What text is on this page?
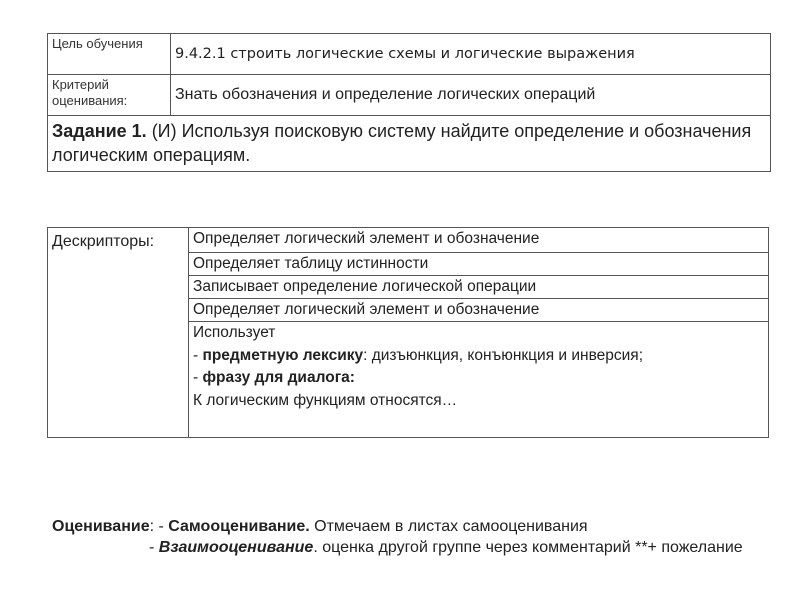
Цель обучения	9.4.2.1 строить логические схемы и логические выражения
Критерий оценивания:	Знать обозначения и определение логических операций
Задание 1. (И) Используя поисковую систему найдите определение и обозначения логическим операциям.	
Дескрипторы:	Определяет логический элемент и обозначение
Определяет таблицу истинности
Записывает определение логической операции
Определяет логический элемент и обозначение

Использует
- предметную лексику: дизъюнкция, конъюнкция и инверсия;
- фразу для диалога:
К логическим функциям относятся…
Оценивание: - Самооценивание. Отмечаем в листах самооценивания
- Взаимооценивание. оценка другой группе через комментарий **+ пожелание
